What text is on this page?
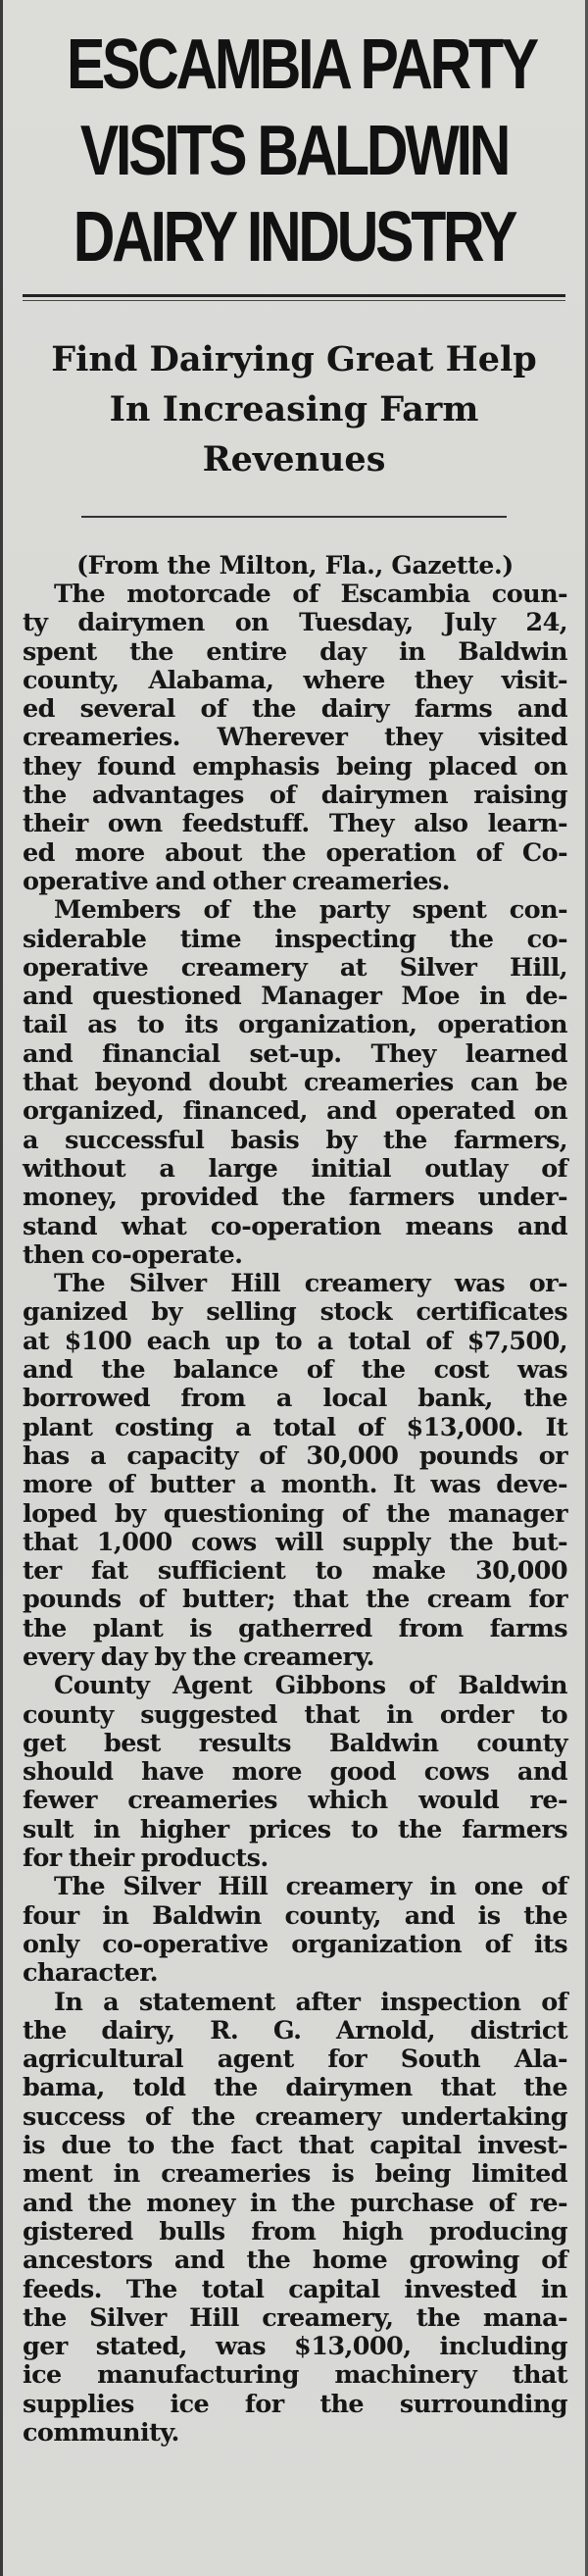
ESCAMBIA PARTY
VISITS BALDWIN
DAIRY INDUSTRY
Find Dairying Great Help
In Increasing Farm
Revenues

(From the Milton, Fla., Gazette.)

The motorcade of Escambia coun-
ty dairymen on Tuesday, July 24,
spent the entire day in Baldwin
county, Alabama, where they visit-
ed several of the dairy farms and
creameries. Wherever they visited
they found emphasis being placed on
the advantages of dairymen raising
their own feedstuff. They also learn-
ed more about the operation of Co-
operative and other creameries.

Members of the party spent con-
siderable time inspecting the co-
operative creamery at Silver Hill,
and questioned Manager Moe in de-
tail as to its organization, operation
and financial set-up. They learned
that beyond doubt creameries can be
organized, financed, and operated on
a successful basis by the farmers,
without a large initial outlay of
money, provided the farmers under-
stand what co-operation means and
then co-operate.

The Silver Hill creamery was or-
ganized by selling stock certificates
at $100 each up to a total of $7,500,
and the balance of the cost was
borrowed from a local bank, the
plant costing a total of $13,000. It
has a capacity of 30,000 pounds or
more of butter a month. It was deve-
loped by questioning of the manager
that 1,000 cows will supply the but-
ter fat sufficient to make 30,000
pounds of butter; that the cream for
the plant is gatherred from farms
every day by the creamery.

County Agent Gibbons of Baldwin
county suggested that in order to
get best results Baldwin county
should have more good cows and
fewer creameries which would re-
sult in higher prices to the farmers
for their products.

The Silver Hill creamery in one of
four in Baldwin county, and is the
only co-operative organization of its
character.

In a statement after inspection of
the dairy, R. G. Arnold, district
agricultural agent for South Ala-
bama, told the dairymen that the
success of the creamery undertaking
is due to the fact that capital invest-
ment in creameries is being limited
and the money in the purchase of re-
gistered bulls from high producing
ancestors and the home growing of
feeds. The total capital invested in
the Silver Hill creamery, the mana-
ger stated, was $13,000, including
ice manufacturing machinery that
supplies ice for the surrounding
community.
